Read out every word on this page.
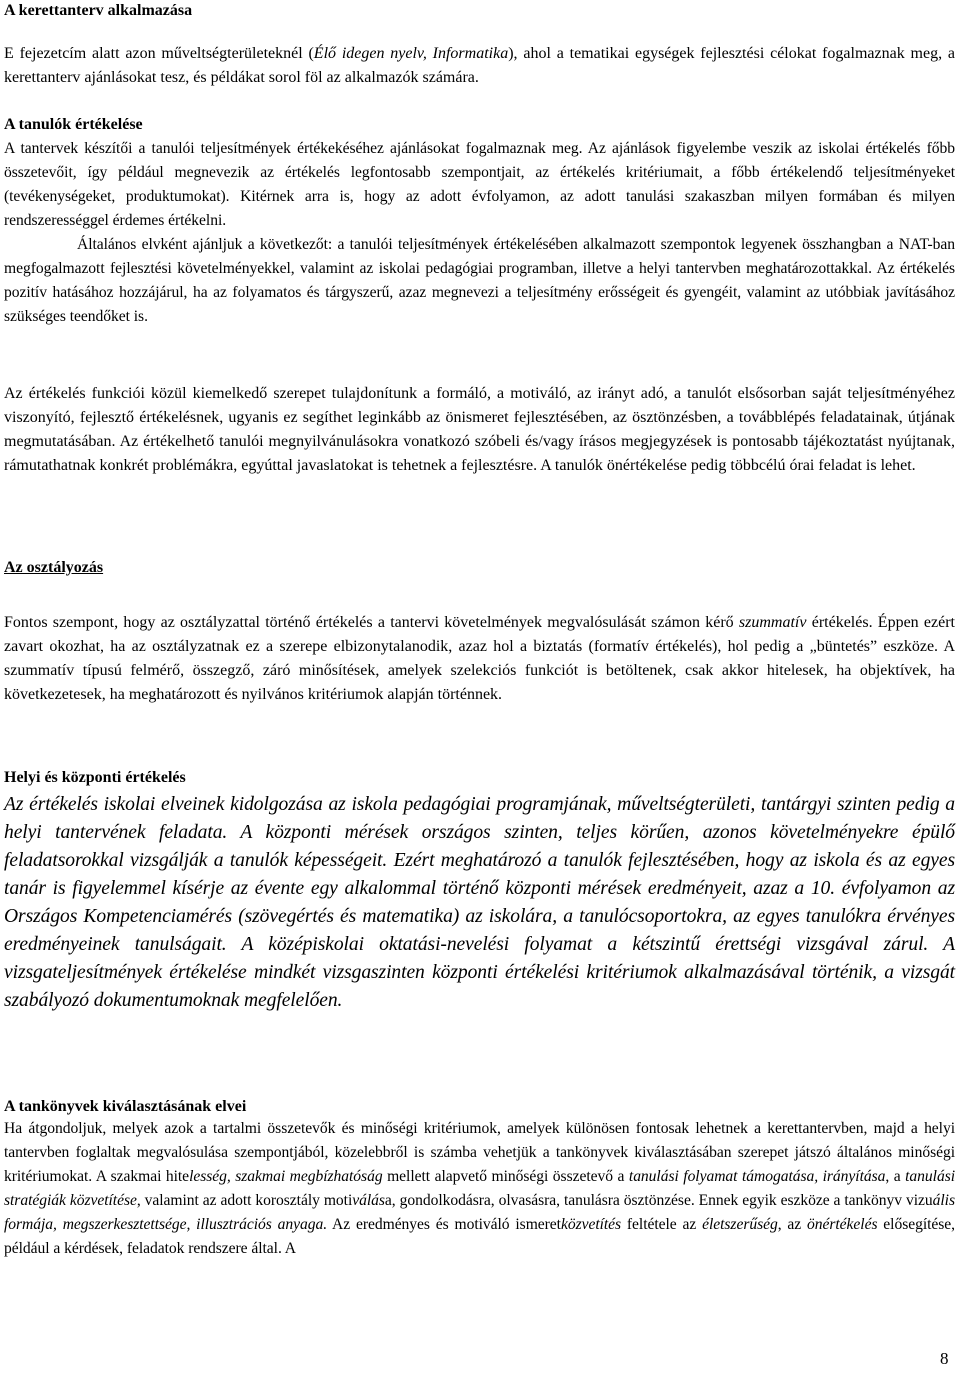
A kerettanterv alkalmazása

E fejezetcím alatt azon műveltségterületeknél (Élő idegen nyelv, Informatika), ahol a tematikai egységek fejlesztési célokat fogalmaznak meg, a kerettanterv ajánlásokat tesz, és példákat sorol föl az alkalmazók számára.

A tanulók értékelése

A tantervek készítői a tanulói teljesítmények értékekéséhez ajánlásokat fogalmaznak meg. Az ajánlások figyelembe veszik az iskolai értékelés főbb összetevőit, így például megnevezik az értékelés legfontosabb szempontjait, az értékelés kritériumait, a főbb értékelendő teljesítményeket (tevékenységeket, produktumokat). Kitérnek arra is, hogy az adott évfolyamon, az adott tanulási szakaszban milyen formában és milyen rendszerességgel érdemes értékelni.

Általános elvként ajánljuk a következőt: a tanulói teljesítmények értékelésében alkalmazott szempontok legyenek összhangban a NAT-ban megfogalmazott fejlesztési követelményekkel, valamint az iskolai pedagógiai programban, illetve a helyi tantervben meghatározottakkal. Az értékelés pozitív hatásához hozzájárul, ha az folyamatos és tárgyszerű, azaz megnevezi a teljesítmény erősségeit és gyengéit, valamint az utóbbiak javításához szükséges teendőket is.

Az értékelés funkciói közül kiemelkedő szerepet tulajdonítunk a formáló, a motiváló, az irányt adó, a tanulót elsősorban saját teljesítményéhez viszonyító, fejlesztő értékelésnek, ugyanis ez segíthet leginkább az önismeret fejlesztésében, az ösztönzésben, a továbblépés feladatainak, útjának megmutatásában. Az értékelhető tanulói megnyilvánulásokra vonatkozó szóbeli és/vagy írásos megjegyzések is pontosabb tájékoztatást nyújtanak, rámutathatnak konkrét problémákra, egyúttal javaslatokat is tehetnek a fejlesztésre. A tanulók önértékelése pedig többcélú órai feladat is lehet.

Az osztályozás

Fontos szempont, hogy az osztályzattal történő értékelés a tantervi követelmények megvalósulását számon kérő szummatív értékelés. Éppen ezért zavart okozhat, ha az osztályzatnak ez a szerepe elbizonytalanodik, azaz hol a biztatás (formatív értékelés), hol pedig a „büntetés” eszköze. A szummatív típusú felmérő, összegző, záró minősítések, amelyek szelekciós funkciót is betöltenek, csak akkor hitelesek, ha objektívek, ha következetesek, ha meghatározott és nyilvános kritériumok alapján történnek.

Helyi és központi értékelés

Az értékelés iskolai elveinek kidolgozása az iskola pedagógiai programjának, műveltségterületi, tantárgyi szinten pedig a helyi tantervének feladata. A központi mérések országos szinten, teljes körűen, azonos követelményekre épülő feladatsorokkal vizsgálják a tanulók képességeit. Ezért meghatározó a tanulók fejlesztésében, hogy az iskola és az egyes tanár is figyelemmel kísérje az évente egy alkalommal történő központi mérések eredményeit, azaz a 10. évfolyamon az Országos Kompetenciamérés (szövegértés és matematika) az iskolára, a tanulócsoportokra, az egyes tanulókra érvényes eredményeinek tanulságait. A középiskolai oktatási-nevelési folyamat a kétszintű érettségi vizsgával zárul. A vizsgateljesítmények értékelése mindkét vizsgaszinten központi értékelési kritériumok alkalmazásával történik, a vizsgát szabályozó dokumentumoknak megfelelően.

A tankönyvek kiválasztásának elvei

Ha átgondoljuk, melyek azok a tartalmi összetevők és minőségi kritériumok, amelyek különösen fontosak lehetnek a kerettantervben, majd a helyi tantervben foglaltak megvalósulása szempontjából, közelebbről is számba vehetjük a tankönyvek kiválasztásában szerepet játszó általános minőségi kritériumokat. A szakmai hitelesség, szakmai megbízhatóság mellett alapvető minőségi összetevő a tanulási folyamat támogatása, irányítása, a tanulási stratégiák közvetítése, valamint az adott korosztály motiválása, gondolkodásra, olvasásra, tanulásra ösztönzése. Ennek egyik eszköze a tankönyv vizuális formája, megszerkesztettsége, illusztrációs anyaga. Az eredményes és motiváló ismeretközvetítés feltétele az életszerűség, az önértékelés elősegítése, például a kérdések, feladatok rendszere által. A

8
